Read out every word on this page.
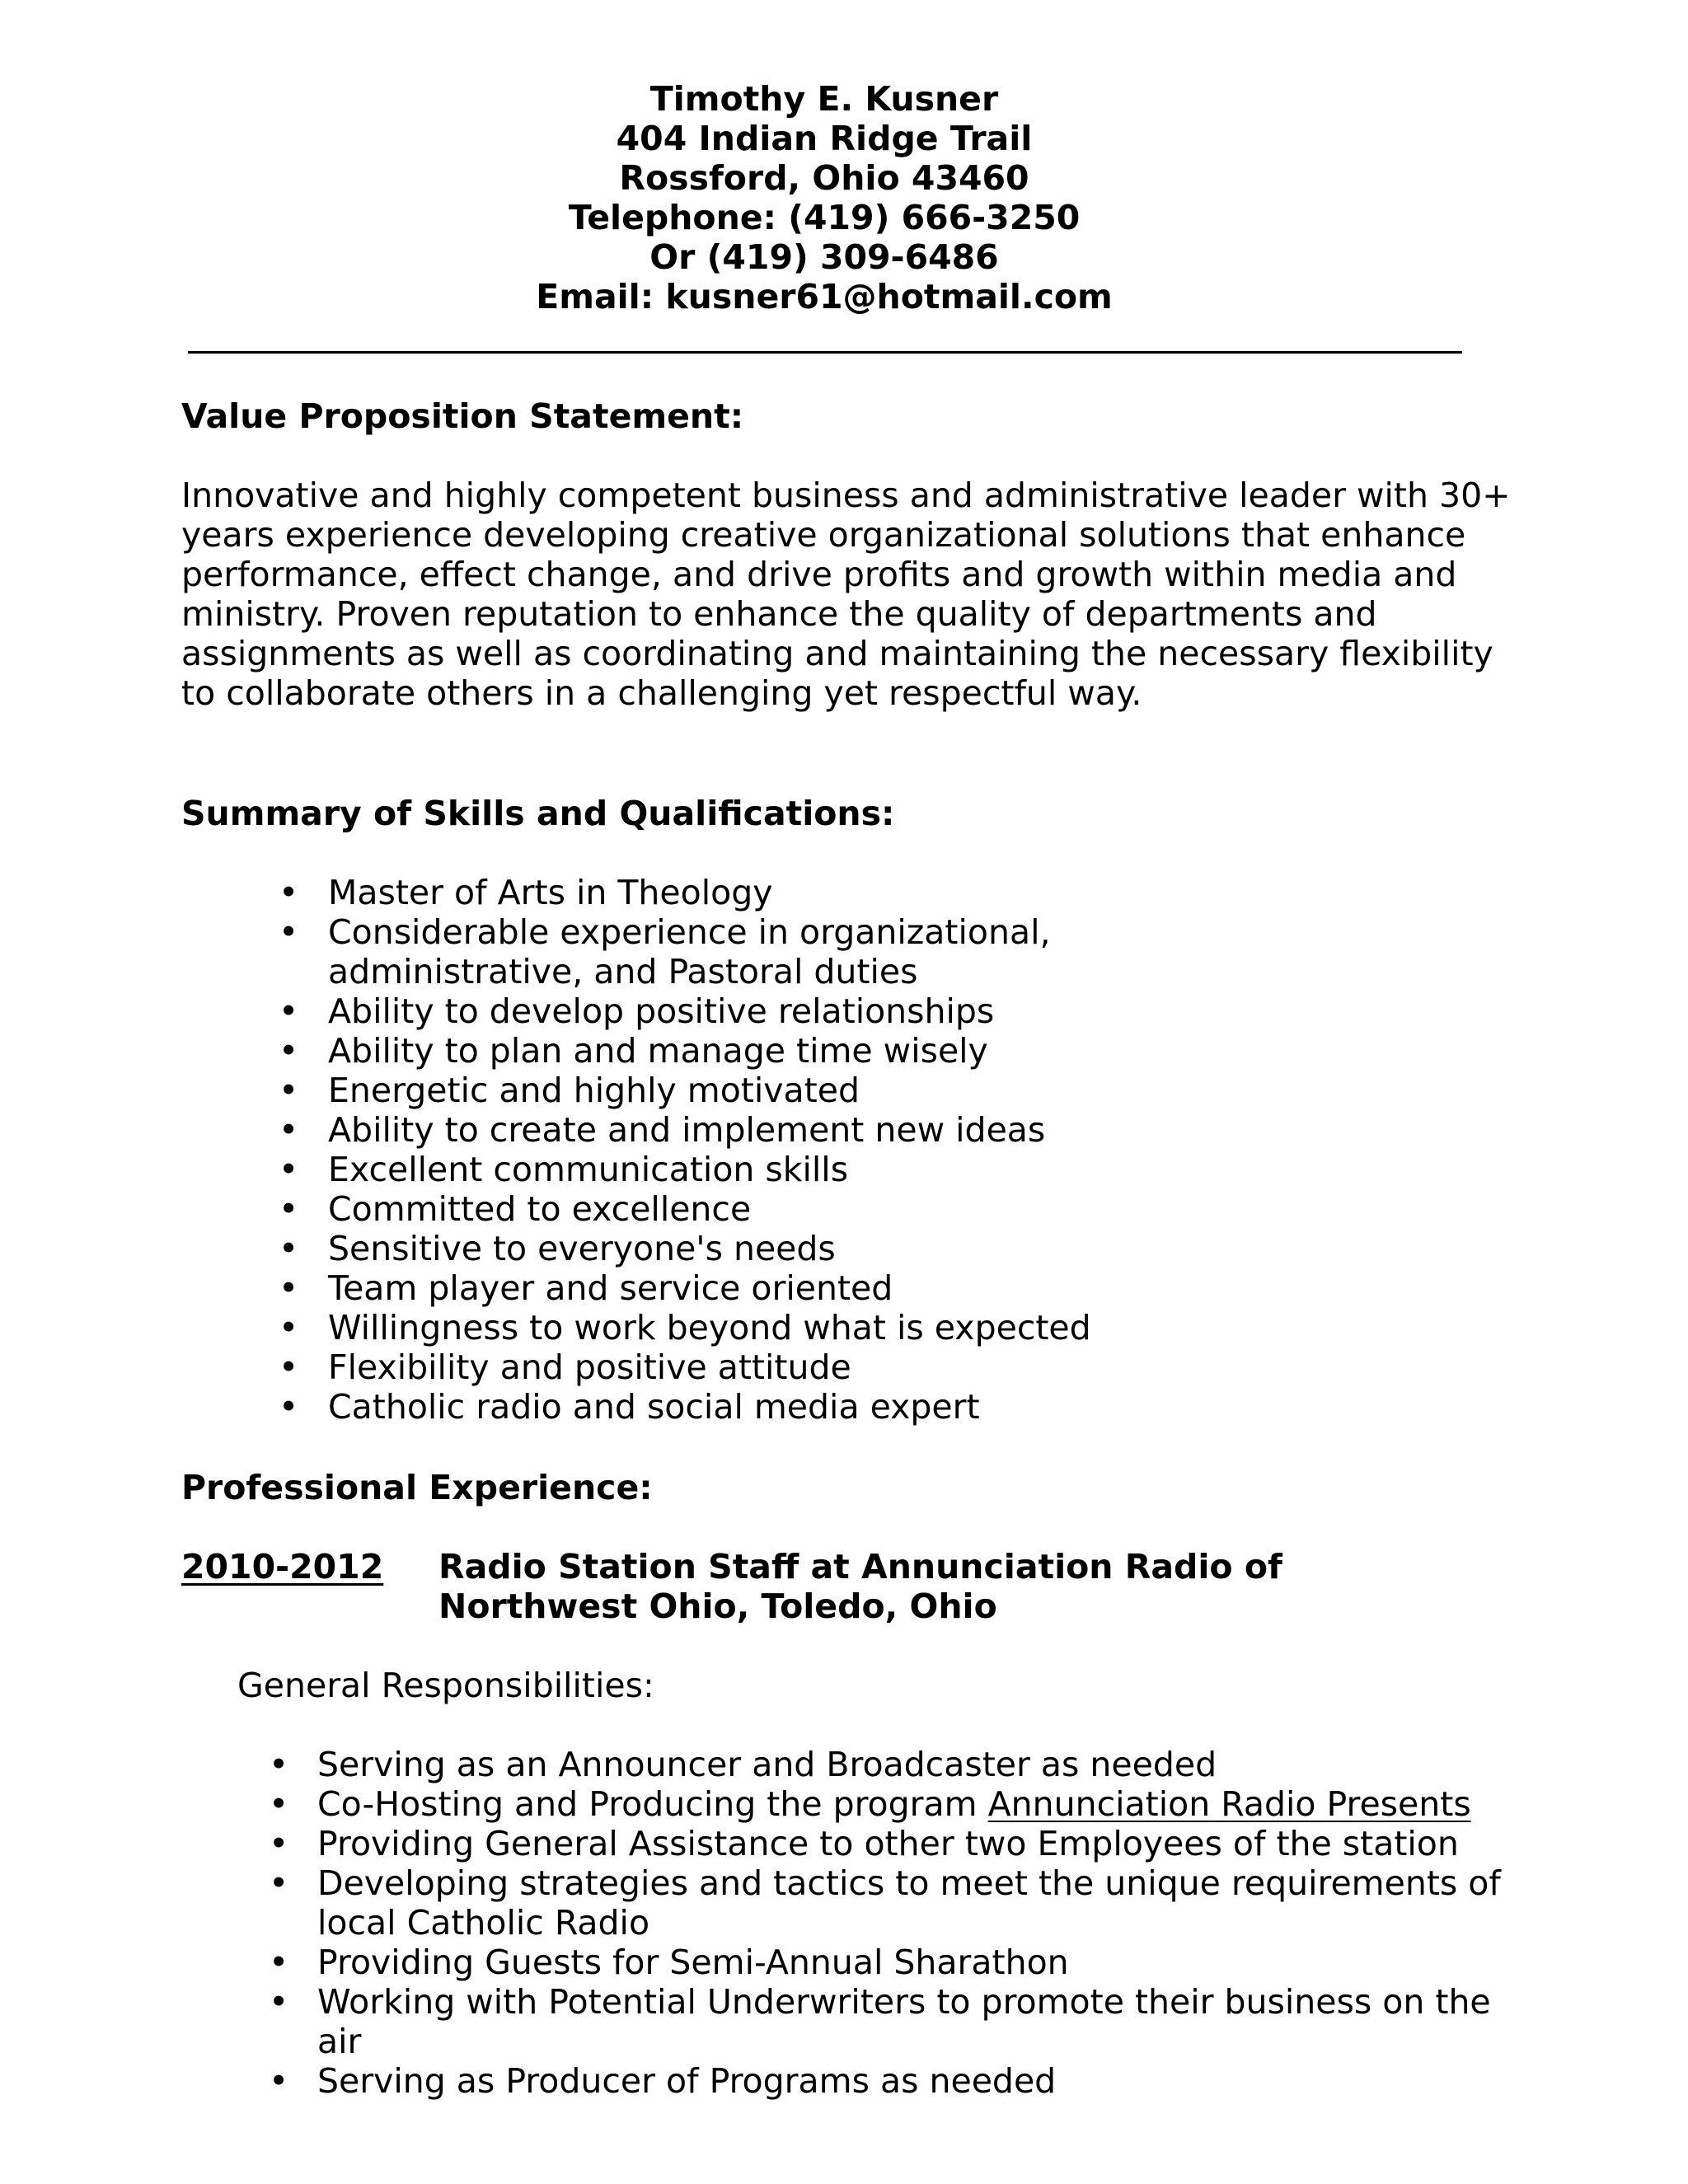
Timothy E. Kusner
404 Indian Ridge Trail
Rossford, Ohio 43460
Telephone: (419) 666-3250
Or (419) 309-6486
Email: kusner61@hotmail.com
Value Proposition Statement:

Innovative and highly competent business and administrative leader with 30+

years experience developing creative organizational solutions that enhance

performance, effect change, and drive profits and growth within media and

ministry. Proven reputation to enhance the quality of departments and

assignments as well as coordinating and maintaining the necessary flexibility

to collaborate others in a challenging yet respectful way.

Summary of Skills and Qualifications:
• Master of Arts in Theology
• Considerable experience in organizational,
administrative, and Pastoral duties
• Ability to develop positive relationships
• Ability to plan and manage time wisely
• Energetic and highly motivated
• Ability to create and implement new ideas
• Excellent communication skills
• Committed to excellence
• Sensitive to everyone's needs
• Team player and service oriented
• Willingness to work beyond what is expected
• Flexibility and positive attitude
• Catholic radio and social media expert
Professional Experience:
2010-2012 Radio Station Staff at Annunciation Radio of
Northwest Ohio, Toledo, Ohio
General Responsibilities:
• Serving as an Announcer and Broadcaster as needed
• Co-Hosting and Producing the program Annunciation Radio Presents
• Providing General Assistance to other two Employees of the station
• Developing strategies and tactics to meet the unique requirements of
local Catholic Radio
• Providing Guests for Semi-Annual Sharathon
• Working with Potential Underwriters to promote their business on the
air
• Serving as Producer of Programs as needed
